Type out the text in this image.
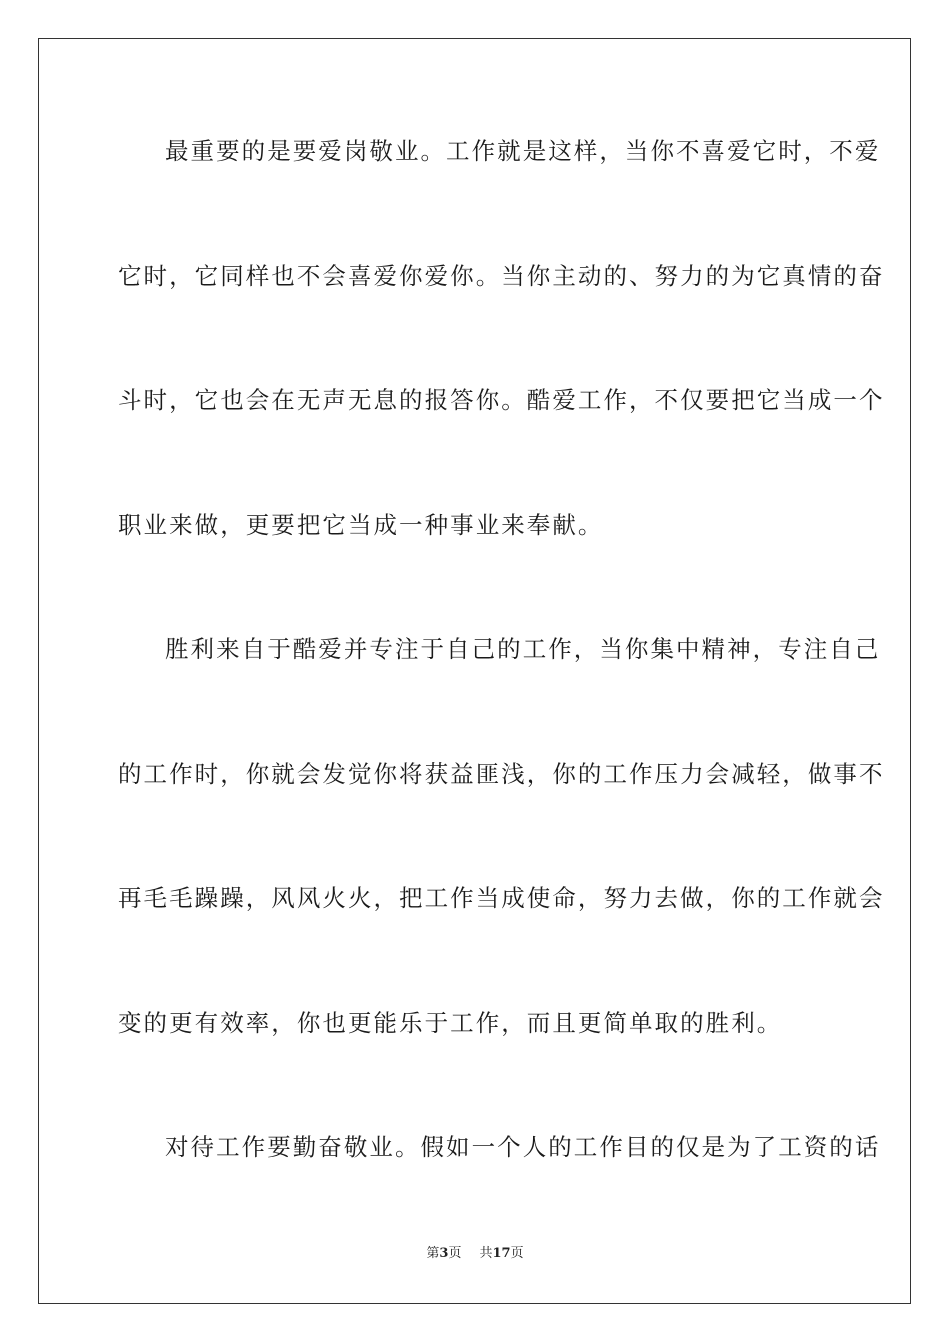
最重要的是要爱岗敬业。工作就是这样，当你不喜爱它时，不爱
它时，它同样也不会喜爱你爱你。当你主动的、努力的为它真情的奋
斗时，它也会在无声无息的报答你。酷爱工作，不仅要把它当成一个
职业来做，更要把它当成一种事业来奉献。
胜利来自于酷爱并专注于自己的工作，当你集中精神，专注自己
的工作时，你就会发觉你将获益匪浅，你的工作压力会减轻，做事不
再毛毛躁躁，风风火火，把工作当成使命，努力去做，你的工作就会
变的更有效率，你也更能乐于工作，而且更简单取的胜利。
对待工作要勤奋敬业。假如一个人的工作目的仅是为了工资的话
第3页 共17页
